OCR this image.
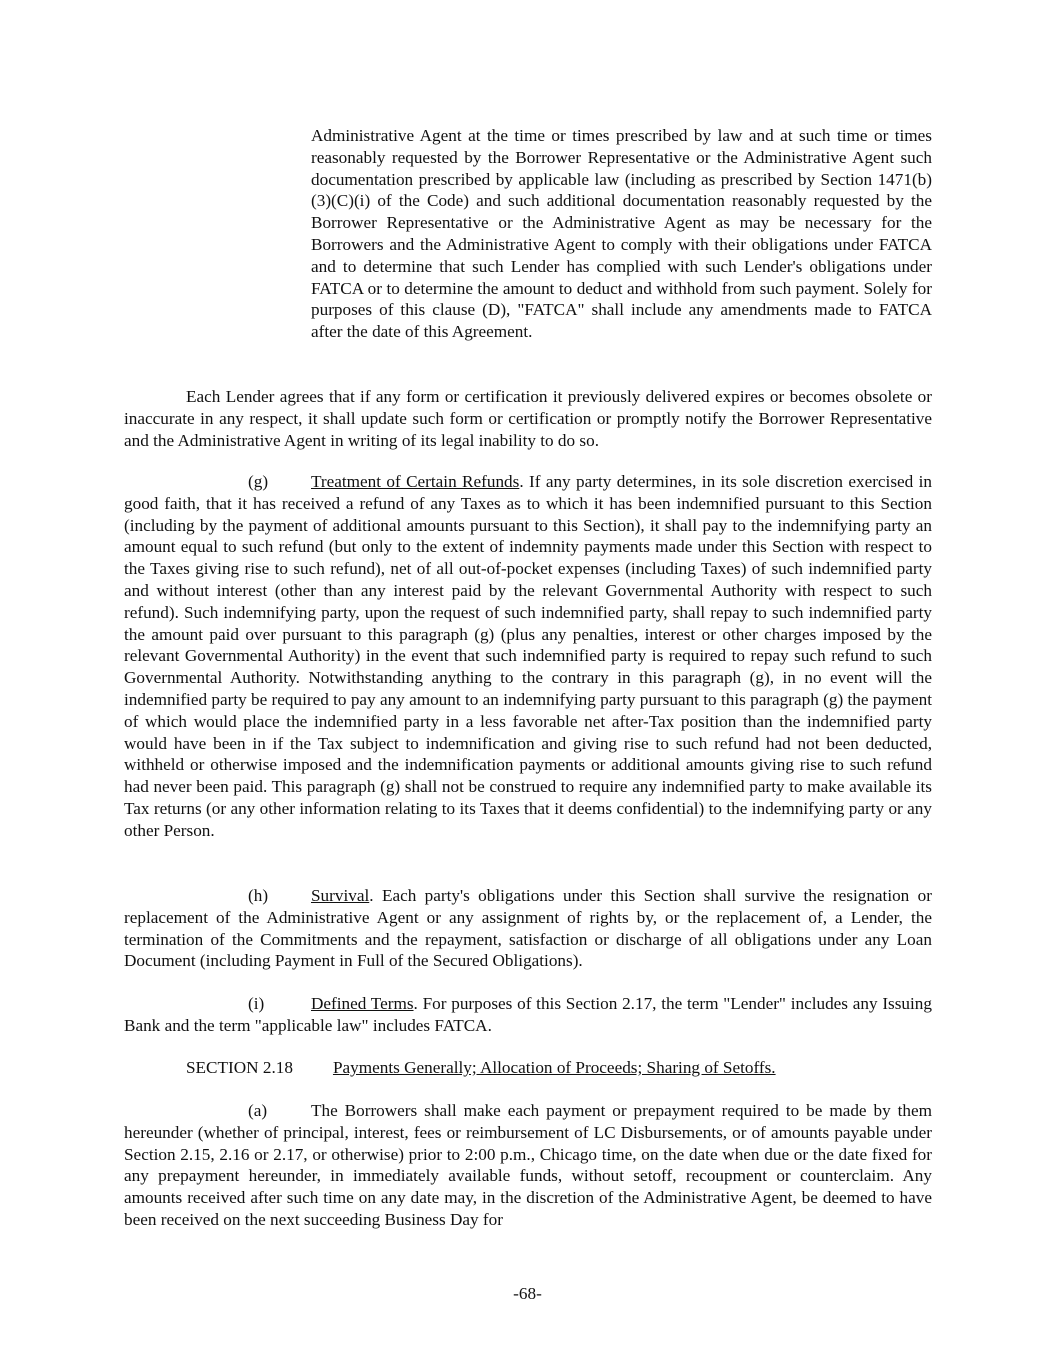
Administrative Agent at the time or times prescribed by law and at such time or times reasonably requested by the Borrower Representative or the Administrative Agent such documentation prescribed by applicable law (including as prescribed by Section 1471(b)(3)(C)(i) of the Code) and such additional documentation reasonably requested by the Borrower Representative or the Administrative Agent as may be necessary for the Borrowers and the Administrative Agent to comply with their obligations under FATCA and to determine that such Lender has complied with such Lender's obligations under FATCA or to determine the amount to deduct and withhold from such payment. Solely for purposes of this clause (D), "FATCA" shall include any amendments made to FATCA after the date of this Agreement.

Each Lender agrees that if any form or certification it previously delivered expires or becomes obsolete or inaccurate in any respect, it shall update such form or certification or promptly notify the Borrower Representative and the Administrative Agent in writing of its legal inability to do so.

(g) Treatment of Certain Refunds. If any party determines, in its sole discretion exercised in good faith, that it has received a refund of any Taxes as to which it has been indemnified pursuant to this Section (including by the payment of additional amounts pursuant to this Section), it shall pay to the indemnifying party an amount equal to such refund (but only to the extent of indemnity payments made under this Section with respect to the Taxes giving rise to such refund), net of all out-of-pocket expenses (including Taxes) of such indemnified party and without interest (other than any interest paid by the relevant Governmental Authority with respect to such refund). Such indemnifying party, upon the request of such indemnified party, shall repay to such indemnified party the amount paid over pursuant to this paragraph (g) (plus any penalties, interest or other charges imposed by the relevant Governmental Authority) in the event that such indemnified party is required to repay such refund to such Governmental Authority. Notwithstanding anything to the contrary in this paragraph (g), in no event will the indemnified party be required to pay any amount to an indemnifying party pursuant to this paragraph (g) the payment of which would place the indemnified party in a less favorable net after-Tax position than the indemnified party would have been in if the Tax subject to indemnification and giving rise to such refund had not been deducted, withheld or otherwise imposed and the indemnification payments or additional amounts giving rise to such refund had never been paid. This paragraph (g) shall not be construed to require any indemnified party to make available its Tax returns (or any other information relating to its Taxes that it deems confidential) to the indemnifying party or any other Person.

(h) Survival. Each party's obligations under this Section shall survive the resignation or replacement of the Administrative Agent or any assignment of rights by, or the replacement of, a Lender, the termination of the Commitments and the repayment, satisfaction or discharge of all obligations under any Loan Document (including Payment in Full of the Secured Obligations).

(i)	Defined Terms. For purposes of this Section 2.17, the term "Lender" includes any Issuing Bank and the term "applicable law" includes FATCA.

SECTION 2.18 Payments Generally; Allocation of Proceeds; Sharing of Setoffs.

(a)	The Borrowers shall make each payment or prepayment required to be made by them hereunder (whether of principal, interest, fees or reimbursement of LC Disbursements, or of amounts payable under Section 2.15, 2.16 or 2.17, or otherwise) prior to 2:00 p.m., Chicago time, on the date when due or the date fixed for any prepayment hereunder, in immediately available funds, without setoff, recoupment or counterclaim. Any amounts received after such time on any date may, in the discretion of the Administrative Agent, be deemed to have been received on the next succeeding Business Day for

-68-
